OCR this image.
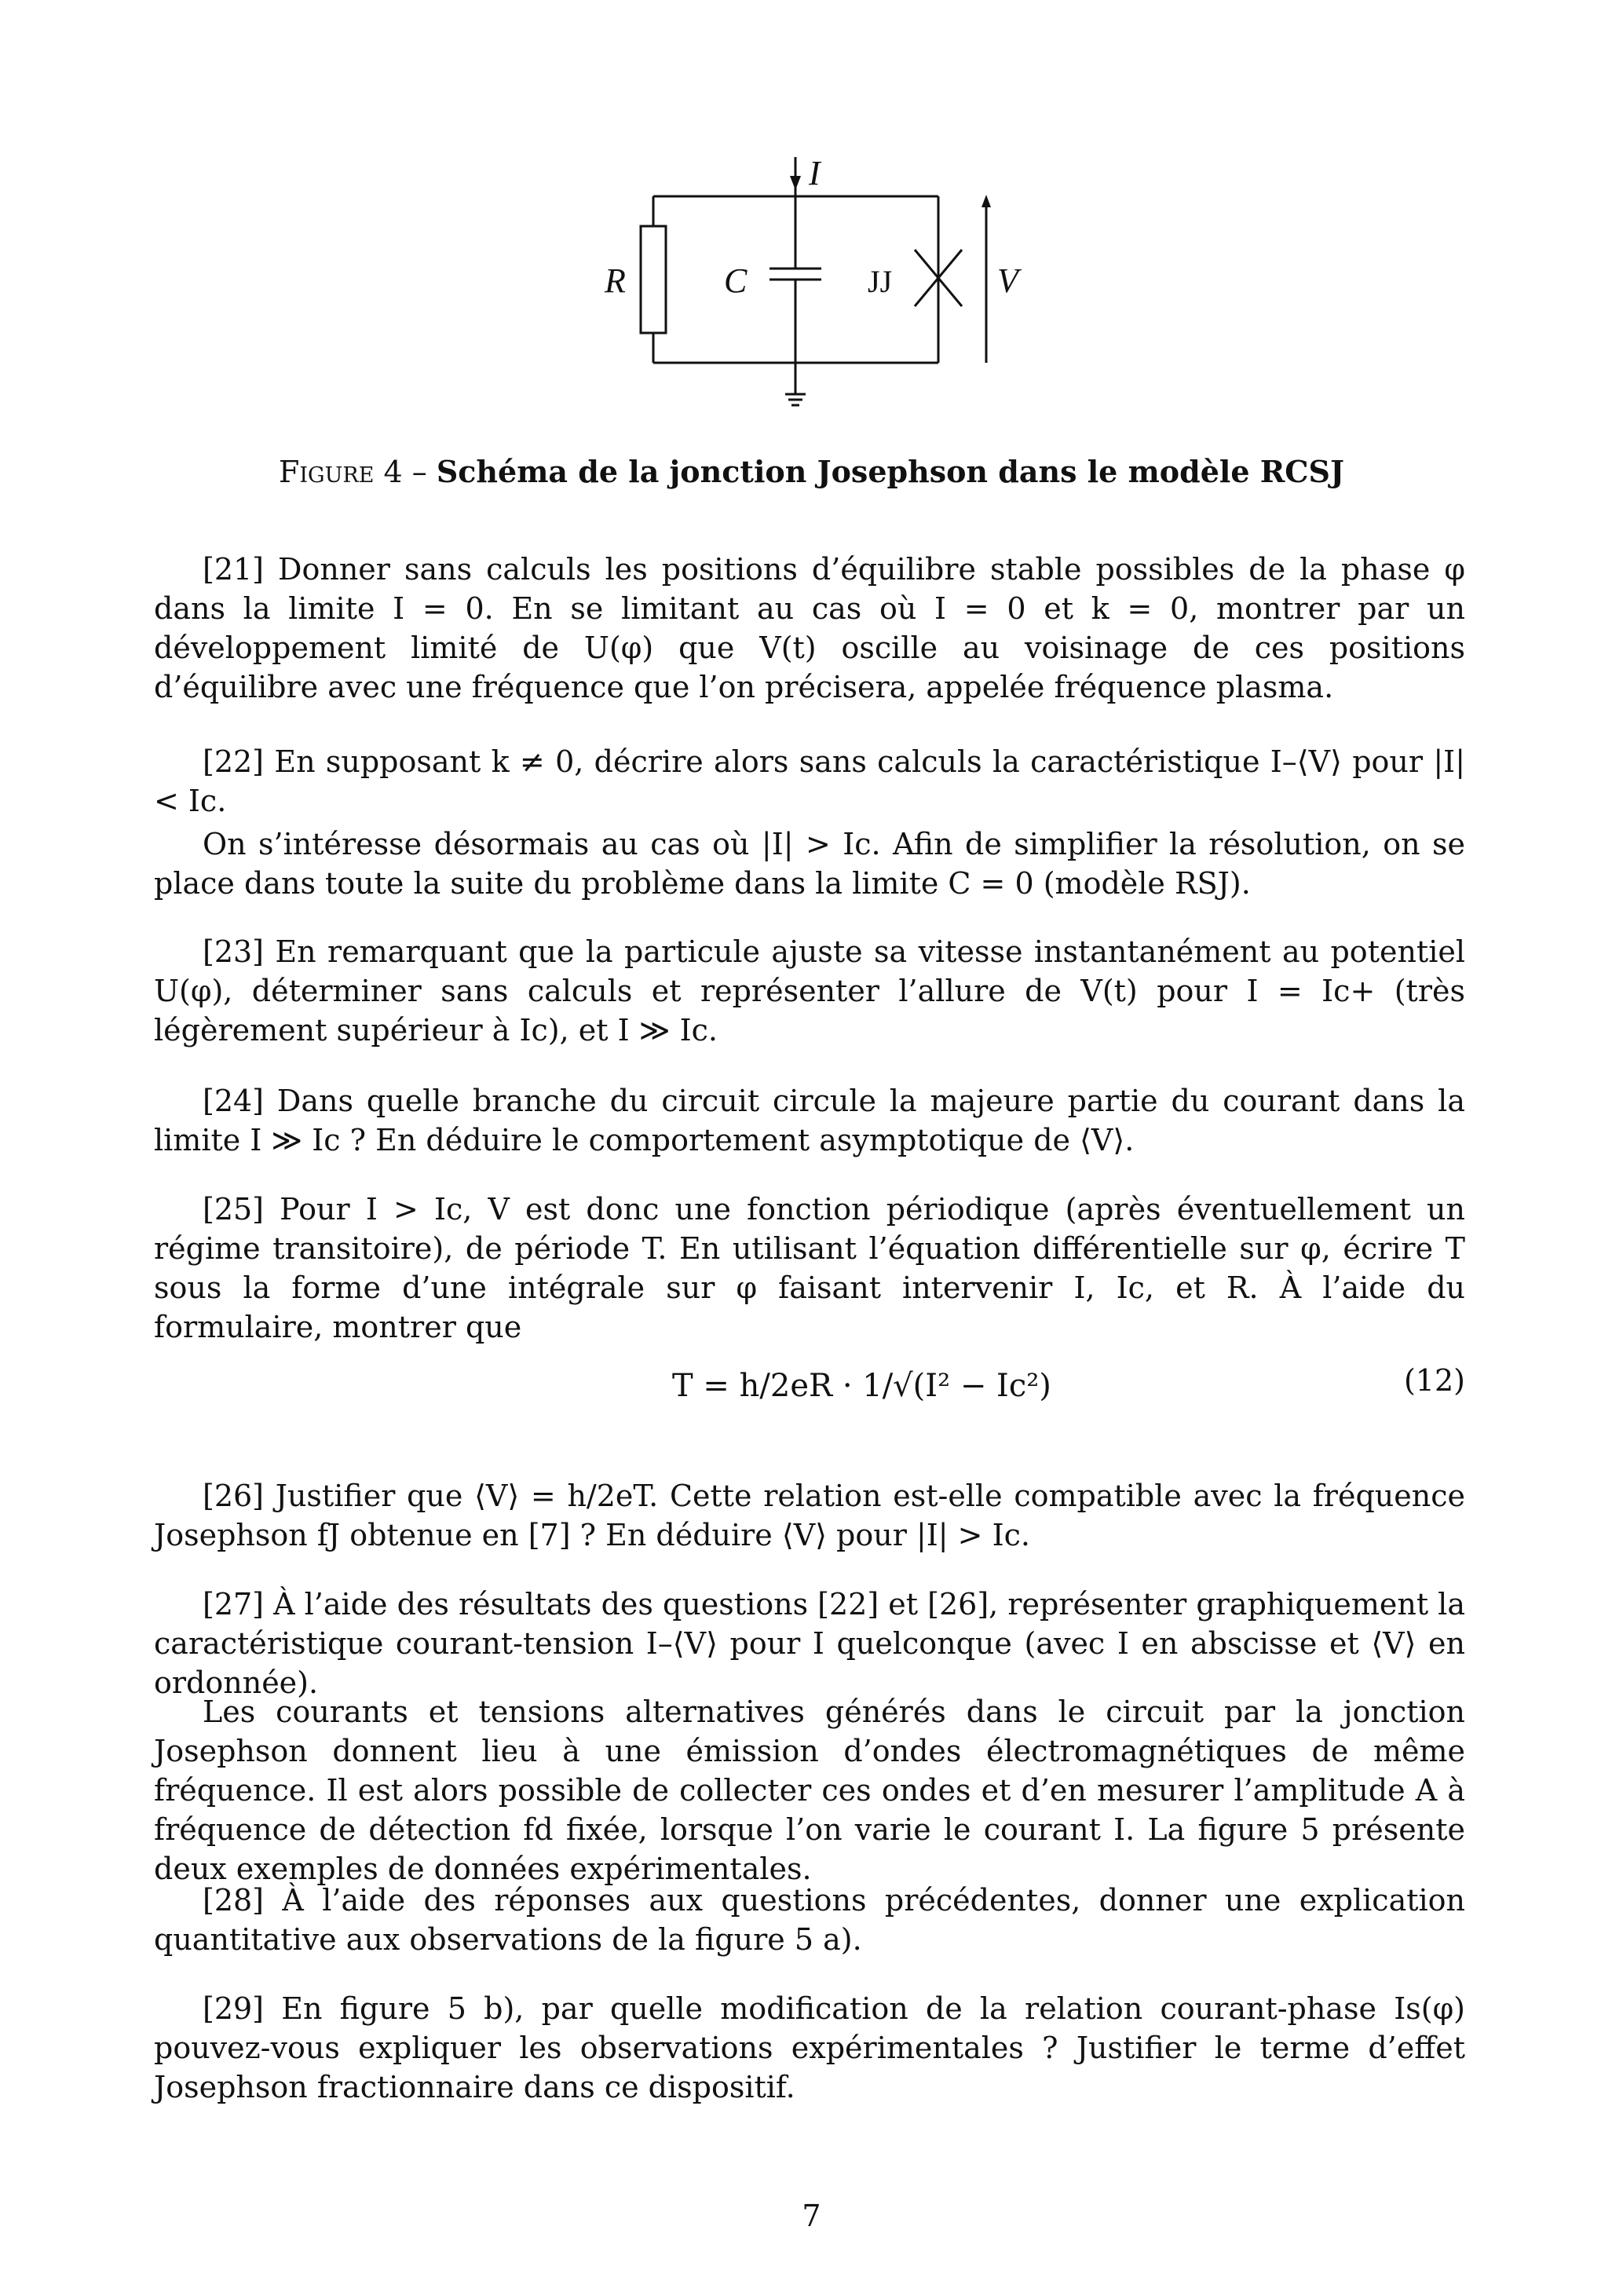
I
R	C	JJ	V
Figure 4 – Schéma de la jonction Josephson dans le modèle RCSJ

[21] Donner sans calculs les positions d’équilibre stable possibles de la phase φ dans la limite I = 0. En se limitant au cas où I = 0 et k = 0, montrer par un développement limité de U(φ) que V(t) oscille au voisinage de ces positions d’équilibre avec une fréquence que l’on précisera, appelée fréquence plasma.

[22] En supposant k ≠ 0, décrire alors sans calculs la caractéristique I–⟨V⟩ pour |I| < Ic.

On s’intéresse désormais au cas où |I| > Ic. Afin de simplifier la résolution, on se place dans toute la suite du problème dans la limite C = 0 (modèle RSJ).

[23] En remarquant que la particule ajuste sa vitesse instantanément au potentiel U(φ), déterminer sans calculs et représenter l’allure de V(t) pour I = Ic+ (très légèrement supérieur à Ic), et I ≫ Ic.

[24] Dans quelle branche du circuit circule la majeure partie du courant dans la limite I ≫ Ic ? En déduire le comportement asymptotique de ⟨V⟩.

[25] Pour I > Ic, V est donc une fonction périodique (après éventuellement un régime transitoire), de période T. En utilisant l’équation différentielle sur φ, écrire T sous la forme d’une intégrale sur φ faisant intervenir I, Ic, et R. À l’aide du formulaire, montrer que

T = h/2eR · 1/√(I² − Ic²)	(12)

[26] Justifier que ⟨V⟩ = h/2eT. Cette relation est-elle compatible avec la fréquence Josephson fJ obtenue en [7] ? En déduire ⟨V⟩ pour |I| > Ic.

[27] À l’aide des résultats des questions [22] et [26], représenter graphiquement la caractéristique courant-tension I–⟨V⟩ pour I quelconque (avec I en abscisse et ⟨V⟩ en ordonnée).

Les courants et tensions alternatives générés dans le circuit par la jonction Josephson donnent lieu à une émission d’ondes électromagnétiques de même fréquence. Il est alors possible de collecter ces ondes et d’en mesurer l’amplitude A à fréquence de détection fd fixée, lorsque l’on varie le courant I. La figure 5 présente deux exemples de données expérimentales.

[28] À l’aide des réponses aux questions précédentes, donner une explication quantitative aux observations de la figure 5 a).

[29] En figure 5 b), par quelle modification de la relation courant-phase Is(φ) pouvez-vous expliquer les observations expérimentales ? Justifier le terme d’effet Josephson fractionnaire dans ce dispositif.

7
